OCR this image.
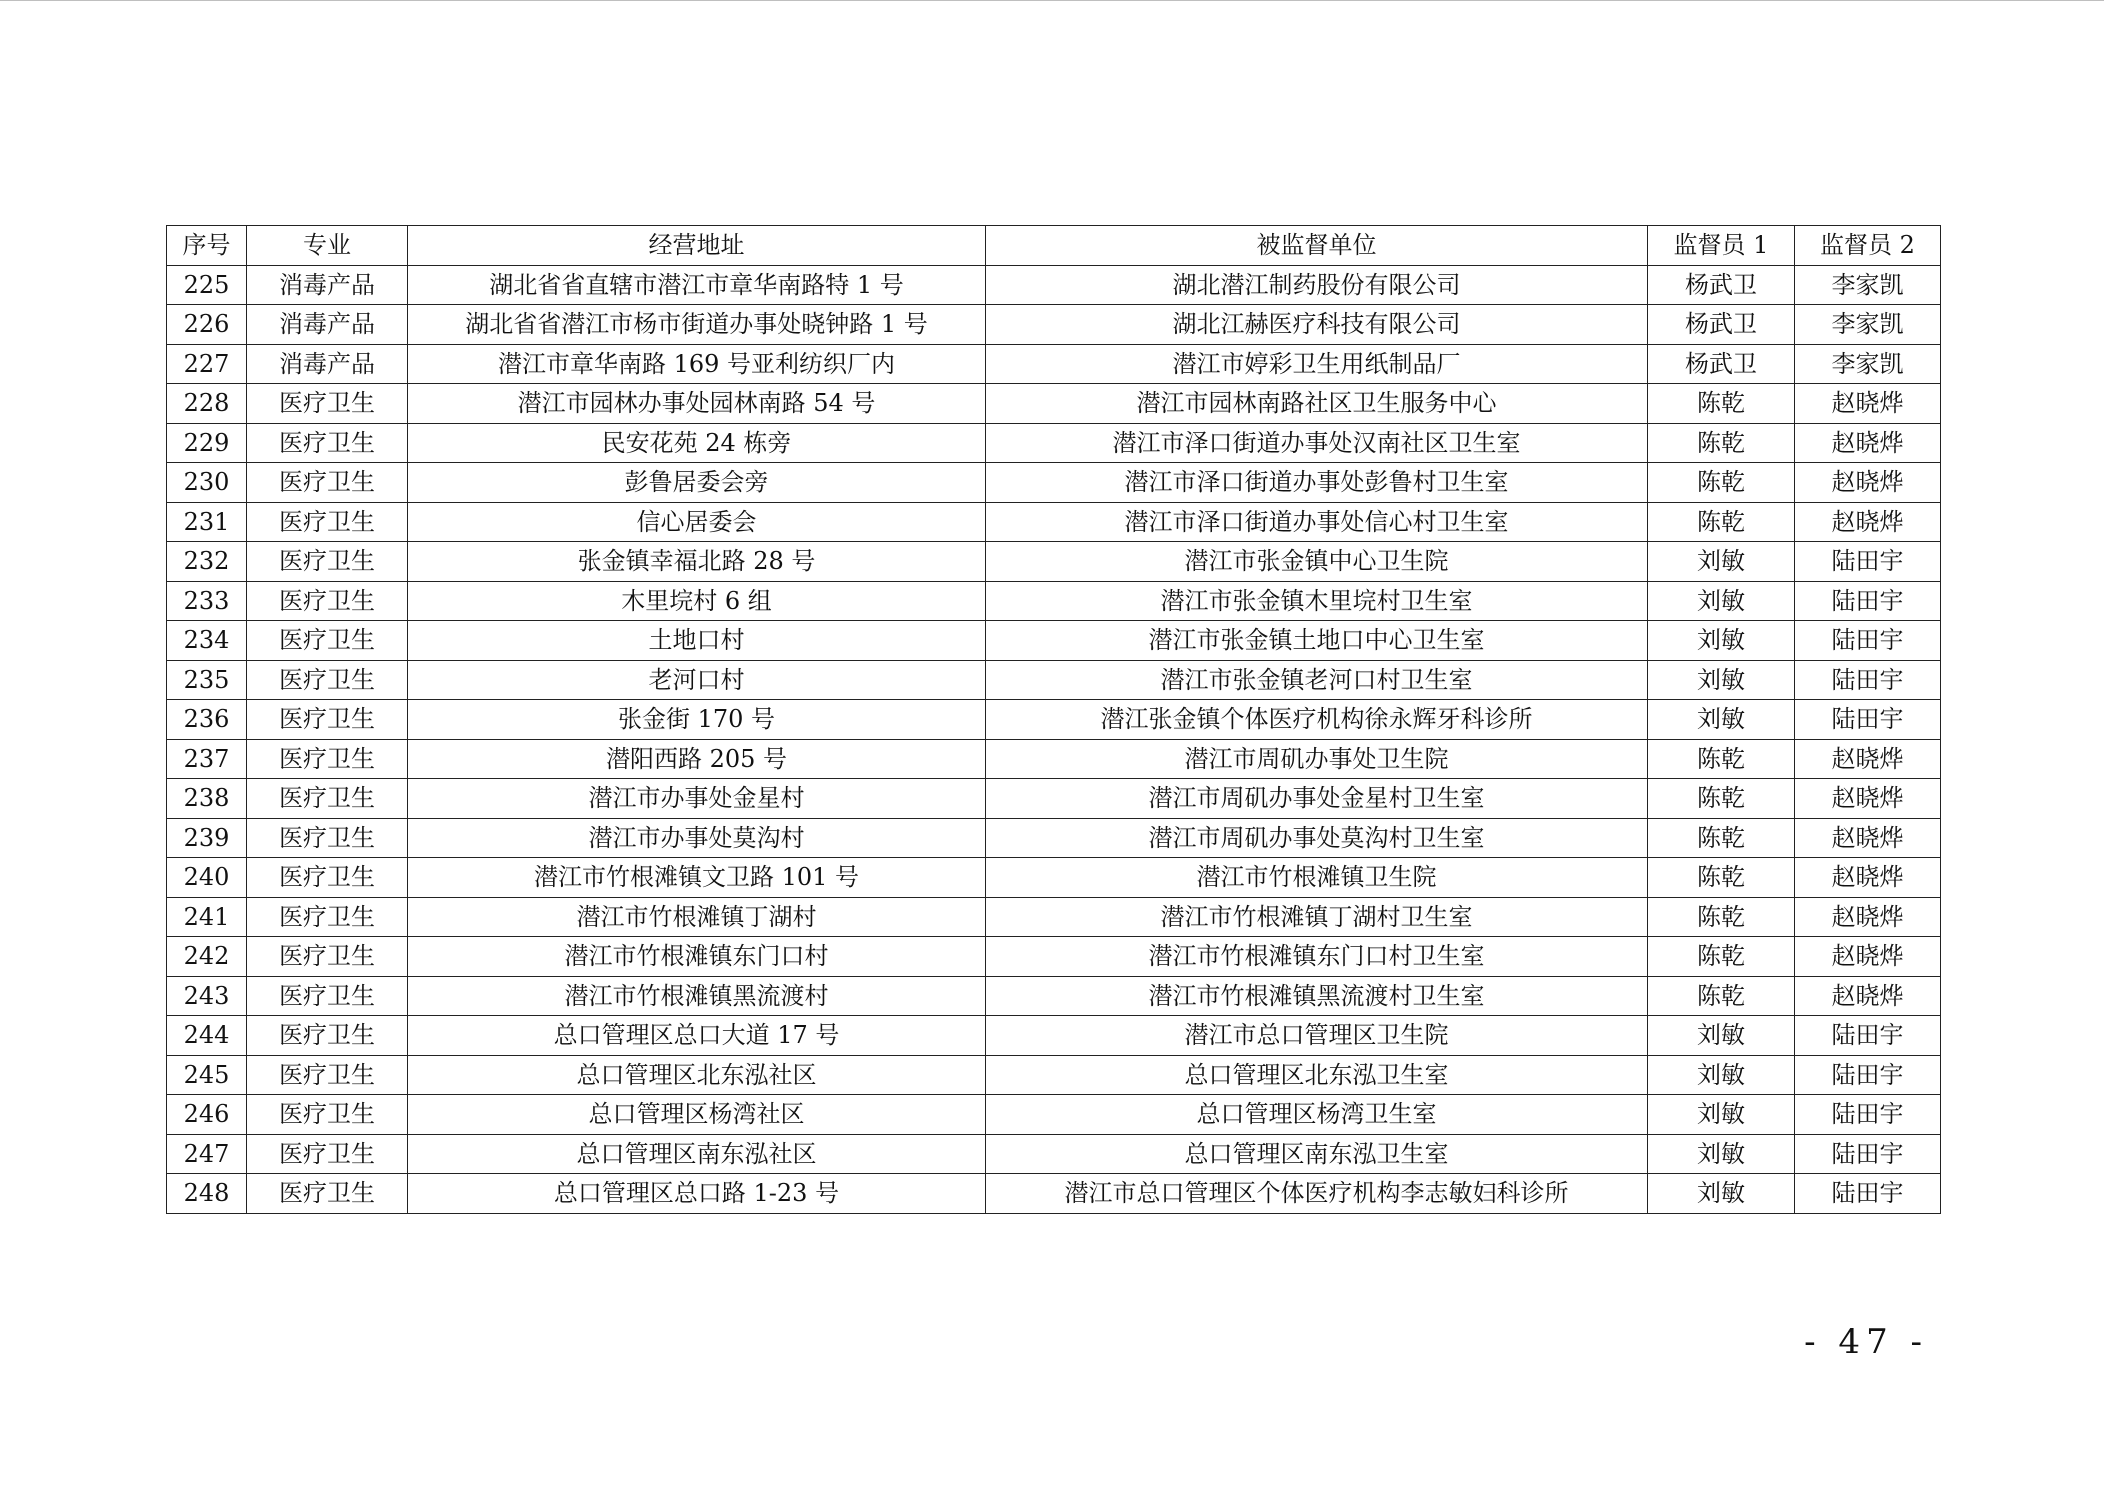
序号	专业	经营地址	被监督单位	监督员 1	监督员 2
225	消毒产品	湖北省省直辖市潜江市章华南路特 1 号	湖北潜江制药股份有限公司	杨武卫	李家凯
226	消毒产品	湖北省省潜江市杨市街道办事处晓钟路 1 号	湖北江赫医疗科技有限公司	杨武卫	李家凯
227	消毒产品	潜江市章华南路 169 号亚利纺织厂内	潜江市婷彩卫生用纸制品厂	杨武卫	李家凯
228	医疗卫生	潜江市园林办事处园林南路 54 号	潜江市园林南路社区卫生服务中心	陈乾	赵晓烨
229	医疗卫生	民安花苑 24 栋旁	潜江市泽口街道办事处汉南社区卫生室	陈乾	赵晓烨
230	医疗卫生	彭鲁居委会旁	潜江市泽口街道办事处彭鲁村卫生室	陈乾	赵晓烨
231	医疗卫生	信心居委会	潜江市泽口街道办事处信心村卫生室	陈乾	赵晓烨
232	医疗卫生	张金镇幸福北路 28 号	潜江市张金镇中心卫生院	刘敏	陆田宇
233	医疗卫生	木里垸村 6 组	潜江市张金镇木里垸村卫生室	刘敏	陆田宇
234	医疗卫生	土地口村	潜江市张金镇土地口中心卫生室	刘敏	陆田宇
235	医疗卫生	老河口村	潜江市张金镇老河口村卫生室	刘敏	陆田宇
236	医疗卫生	张金街 170 号	潜江张金镇个体医疗机构徐永辉牙科诊所	刘敏	陆田宇
237	医疗卫生	潜阳西路 205 号	潜江市周矶办事处卫生院	陈乾	赵晓烨
238	医疗卫生	潜江市办事处金星村	潜江市周矶办事处金星村卫生室	陈乾	赵晓烨
239	医疗卫生	潜江市办事处莫沟村	潜江市周矶办事处莫沟村卫生室	陈乾	赵晓烨
240	医疗卫生	潜江市竹根滩镇文卫路 101 号	潜江市竹根滩镇卫生院	陈乾	赵晓烨
241	医疗卫生	潜江市竹根滩镇丁湖村	潜江市竹根滩镇丁湖村卫生室	陈乾	赵晓烨
242	医疗卫生	潜江市竹根滩镇东门口村	潜江市竹根滩镇东门口村卫生室	陈乾	赵晓烨
243	医疗卫生	潜江市竹根滩镇黑流渡村	潜江市竹根滩镇黑流渡村卫生室	陈乾	赵晓烨
244	医疗卫生	总口管理区总口大道 17 号	潜江市总口管理区卫生院	刘敏	陆田宇
245	医疗卫生	总口管理区北东泓社区	总口管理区北东泓卫生室	刘敏	陆田宇
246	医疗卫生	总口管理区杨湾社区	总口管理区杨湾卫生室	刘敏	陆田宇
247	医疗卫生	总口管理区南东泓社区	总口管理区南东泓卫生室	刘敏	陆田宇
248	医疗卫生	总口管理区总口路 1-23 号	潜江市总口管理区个体医疗机构李志敏妇科诊所	刘敏	陆田宇
- 47 -
